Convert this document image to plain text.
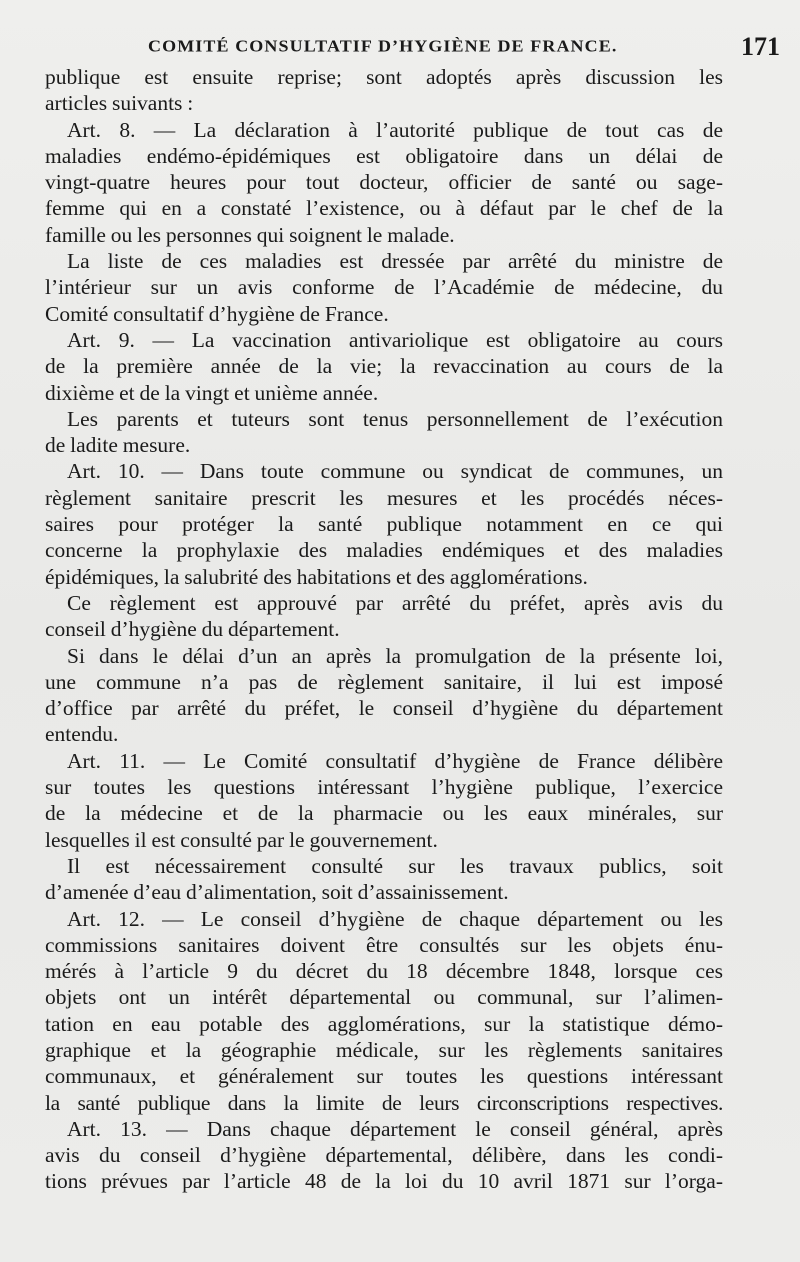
COMITÉ CONSULTATIF D’HYGIÈNE DE FRANCE.	171
publique est ensuite reprise; sont adoptés après discussion les
articles suivants :
Art. 8. — La déclaration à l’autorité publique de tout cas de
maladies endémo-épidémiques est obligatoire dans un délai de
vingt-quatre heures pour tout docteur, officier de santé ou sage-
femme qui en a constaté l’existence, ou à défaut par le chef de la
famille ou les personnes qui soignent le malade.
La liste de ces maladies est dressée par arrêté du ministre de
l’intérieur sur un avis conforme de l’Académie de médecine, du
Comité consultatif d’hygiène de France.
Art. 9. — La vaccination antivariolique est obligatoire au cours
de la première année de la vie; la revaccination au cours de la
dixième et de la vingt et unième année.
Les parents et tuteurs sont tenus personnellement de l’exécution
de ladite mesure.
Art. 10. — Dans toute commune ou syndicat de communes, un
règlement sanitaire prescrit les mesures et les procédés néces-
saires pour protéger la santé publique notamment en ce qui
concerne la prophylaxie des maladies endémiques et des maladies
épidémiques, la salubrité des habitations et des agglomérations.
Ce règlement est approuvé par arrêté du préfet, après avis du
conseil d’hygiène du département.
Si dans le délai d’un an après la promulgation de la présente loi,
une commune n’a pas de règlement sanitaire, il lui est imposé
d’office par arrêté du préfet, le conseil d’hygiène du département
entendu.
Art. 11. — Le Comité consultatif d’hygiène de France délibère
sur toutes les questions intéressant l’hygiène publique, l’exercice
de la médecine et de la pharmacie ou les eaux minérales, sur
lesquelles il est consulté par le gouvernement.
Il est nécessairement consulté sur les travaux publics, soit
d’amenée d’eau d’alimentation, soit d’assainissement.
Art. 12. — Le conseil d’hygiène de chaque département ou les
commissions sanitaires doivent être consultés sur les objets énu-
mérés à l’article 9 du décret du 18 décembre 1848, lorsque ces
objets ont un intérêt départemental ou communal, sur l’alimen-
tation en eau potable des agglomérations, sur la statistique démo-
graphique et la géographie médicale, sur les règlements sanitaires
communaux, et généralement sur toutes les questions intéressant
la santé publique dans la limite de leurs circonscriptions respectives.
Art. 13. — Dans chaque département le conseil général, après
avis du conseil d’hygiène départemental, délibère, dans les condi-
tions prévues par l’article 48 de la loi du 10 avril 1871 sur l’orga-
